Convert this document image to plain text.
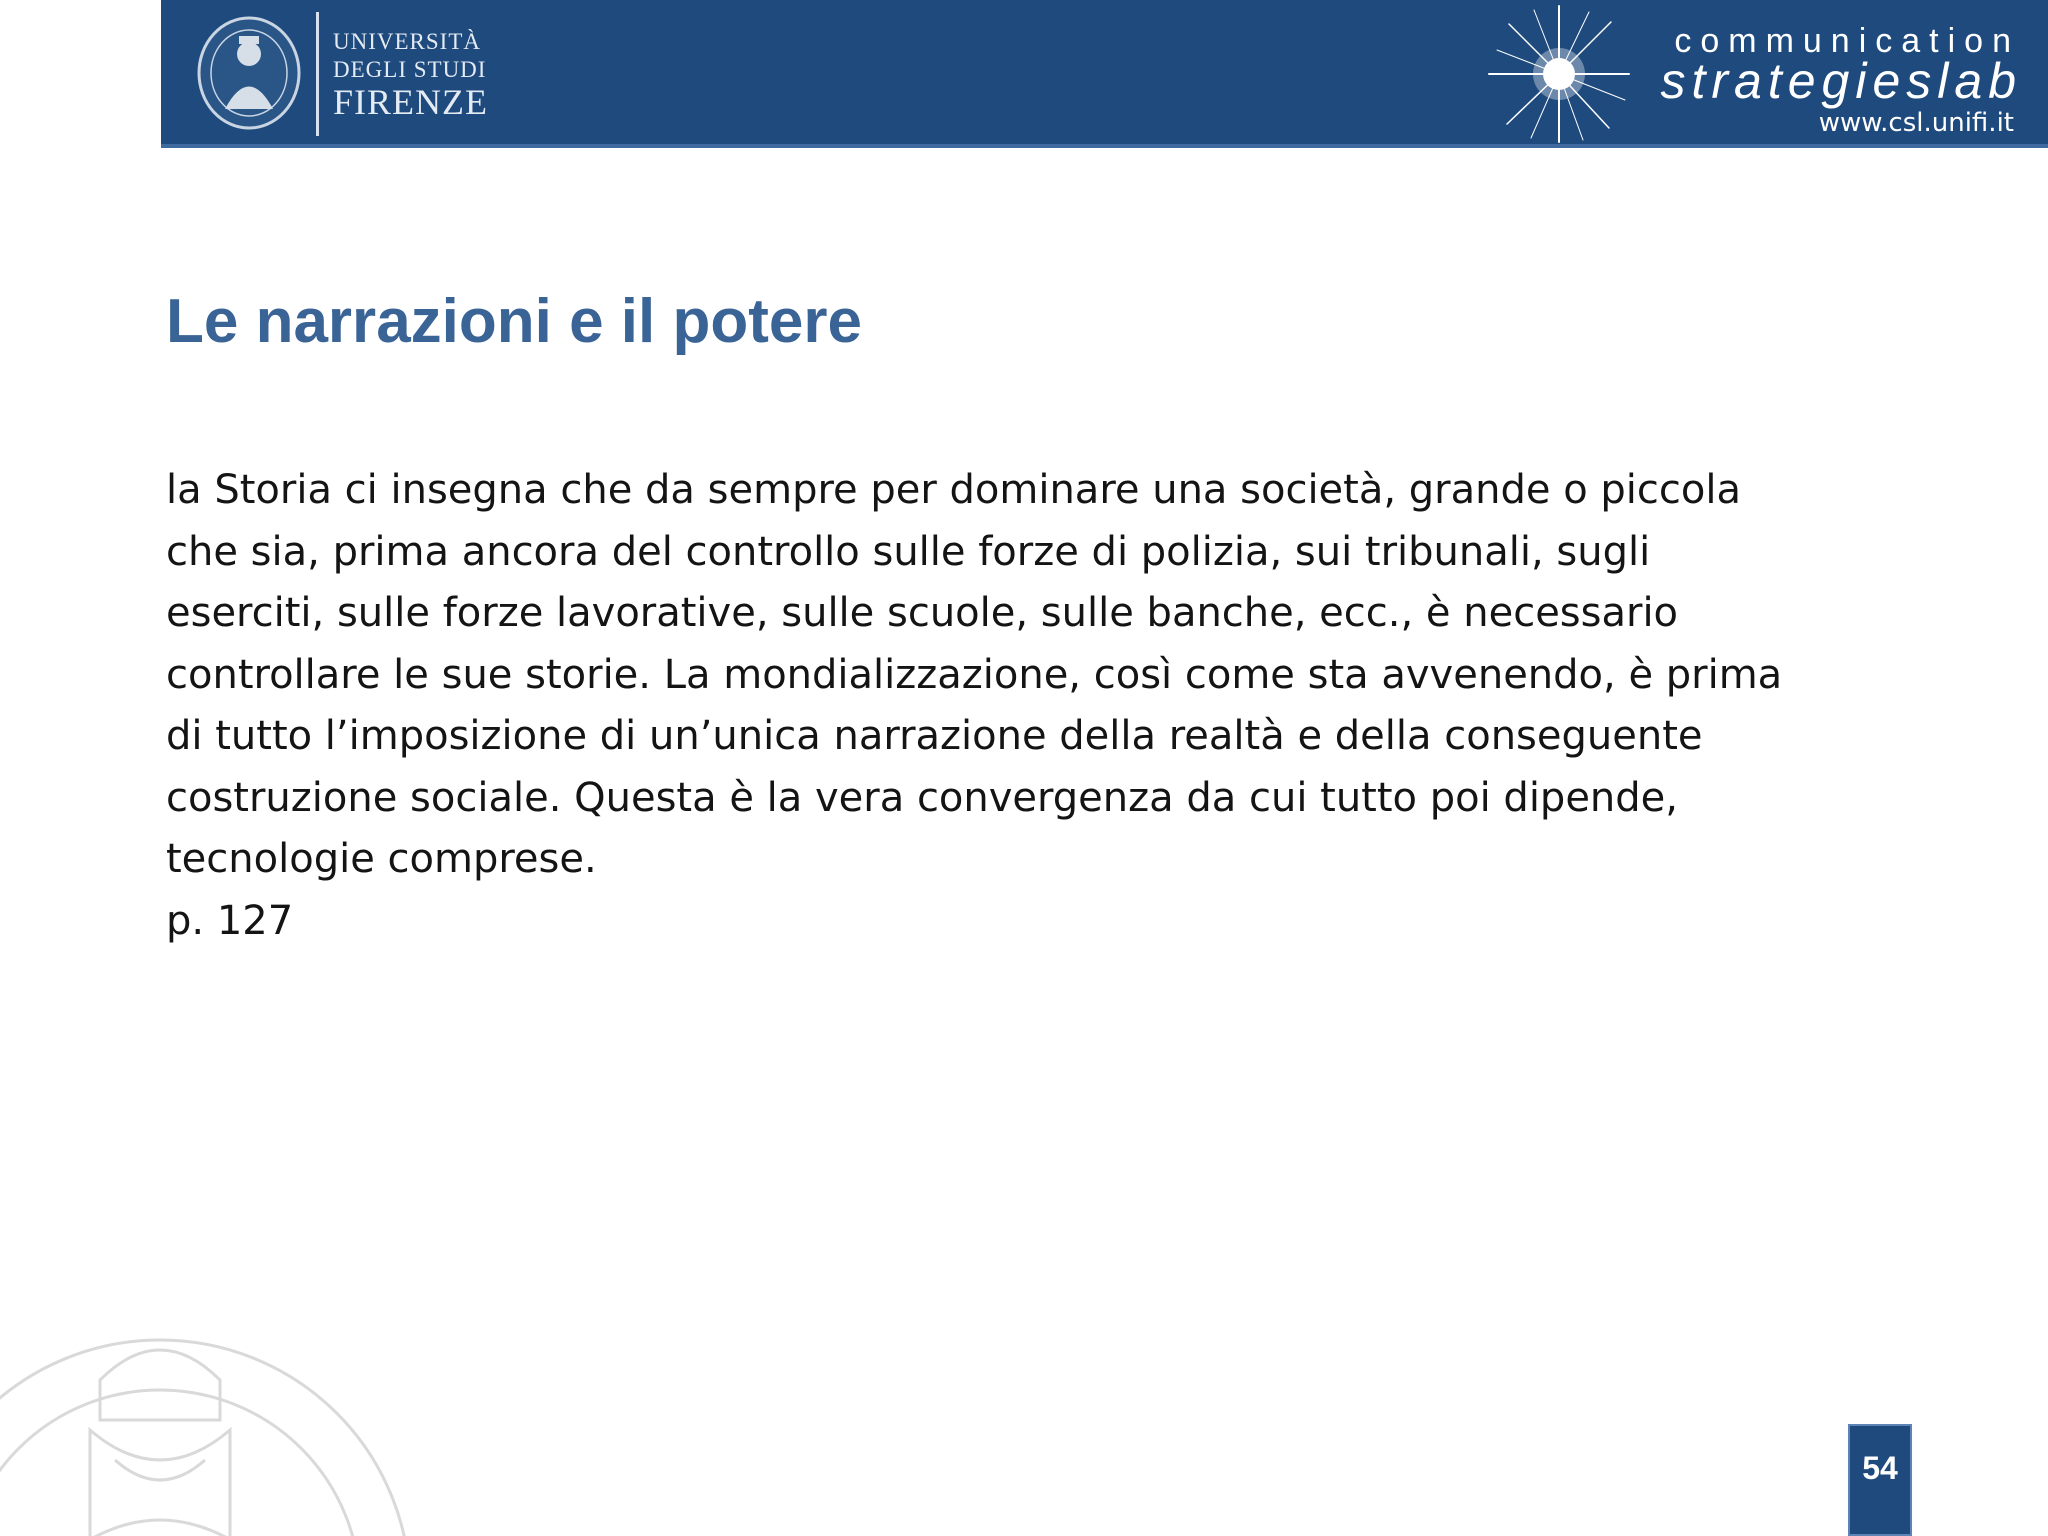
UNIVERSITÀ
DEGLI STUDI
FIRENZE
communication
strategieslab
www.csl.unifi.it
Le narrazioni e il potere
la Storia ci insegna che da sempre per dominare una società, grande o piccola
che sia, prima ancora del controllo sulle forze di polizia, sui tribunali, sugli
eserciti, sulle forze lavorative, sulle scuole, sulle banche, ecc., è necessario
controllare le sue storie. La mondializzazione, così come sta avvenendo, è prima
di tutto l’imposizione di un’unica narrazione della realtà e della conseguente
costruzione sociale. Questa è la vera convergenza da cui tutto poi dipende,
tecnologie comprese.
p. 127
54
